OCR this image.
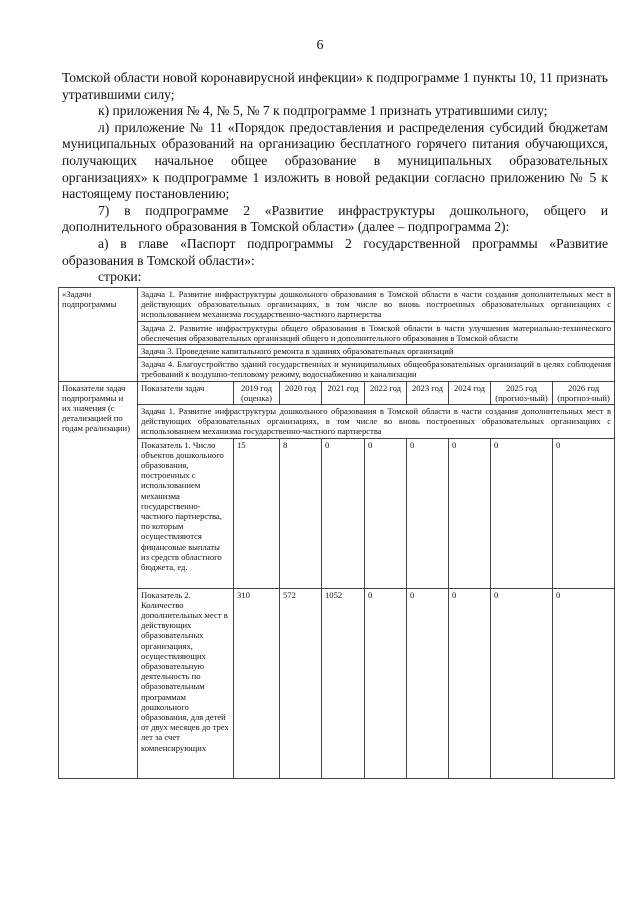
6

Томской области новой коронавирусной инфекции» к подпрограмме 1 пункты 10, 11 признать утратившими силу;

к) приложения № 4, № 5, № 7 к подпрограмме 1 признать утратившими силу;

л) приложение № 11 «Порядок предоставления и распределения субсидий бюджетам муниципальных образований на организацию бесплатного горячего питания обучающихся, получающих начальное общее образование в муниципальных образовательных организациях» к подпрограмме 1 изложить в новой редакции согласно приложению № 5 к настоящему постановлению;

7) в подпрограмме 2 «Развитие инфраструктуры дошкольного, общего и дополнительного образования в Томской области» (далее – подпрограмма 2):

а) в главе «Паспорт подпрограммы 2 государственной программы «Развитие образования в Томской области»:

строки:

«Задачи подпрограммы	Задача 1. Развитие инфраструктуры дошкольного образования в Томской области в части создания дополнительных мест в действующих образовательных организациях, в том числе во вновь построенных образовательных организациях с использованием механизма государственно-частного партнерства								
	Задача 2. Развитие инфраструктуры общего образования в Томской области в части улучшения материально-технического обеспечения образовательных организаций общего и дополнительного образования в Томской области								
	Задача 3. Проведение капитального ремонта в зданиях образовательных организаций								
	Задача 4. Благоустройство зданий государственных и муниципальных общеобразовательных организаций в целях соблюдения требований к воздушно-тепловому режиму, водоснабжению и канализации								
Показатели задач подпрограммы и их значения (с детализацией по годам реализации)	Показатели задач	2019 год (оценка)	2020 год	2021 год	2022 год	2023 год	2024 год	2025 год (прогноз-ный)	2026 год (прогноз-ный)
	Задача 1. Развитие инфраструктуры дошкольного образования в Томской области в части создания дополнительных мест в действующих образовательных организациях, в том числе во вновь построенных образовательных организациях с использованием механизма государственно-частного партнерства								
	Показатель 1. Число объектов дошкольного образования, построенных с использованием механизма государственно-частного партнерства, по которым осуществляются финансовые выплаты из средств областного бюджета, ед.	15	8	0	0	0	0	0	0
	Показатель 2. Количество дополнительных мест в действующих образовательных организациях, осуществляющих образовательную деятельность по образовательным программам дошкольного образования, для детей от двух месяцев до трех лет за счет компенсирующих	310	572	1052	0	0	0	0	0
